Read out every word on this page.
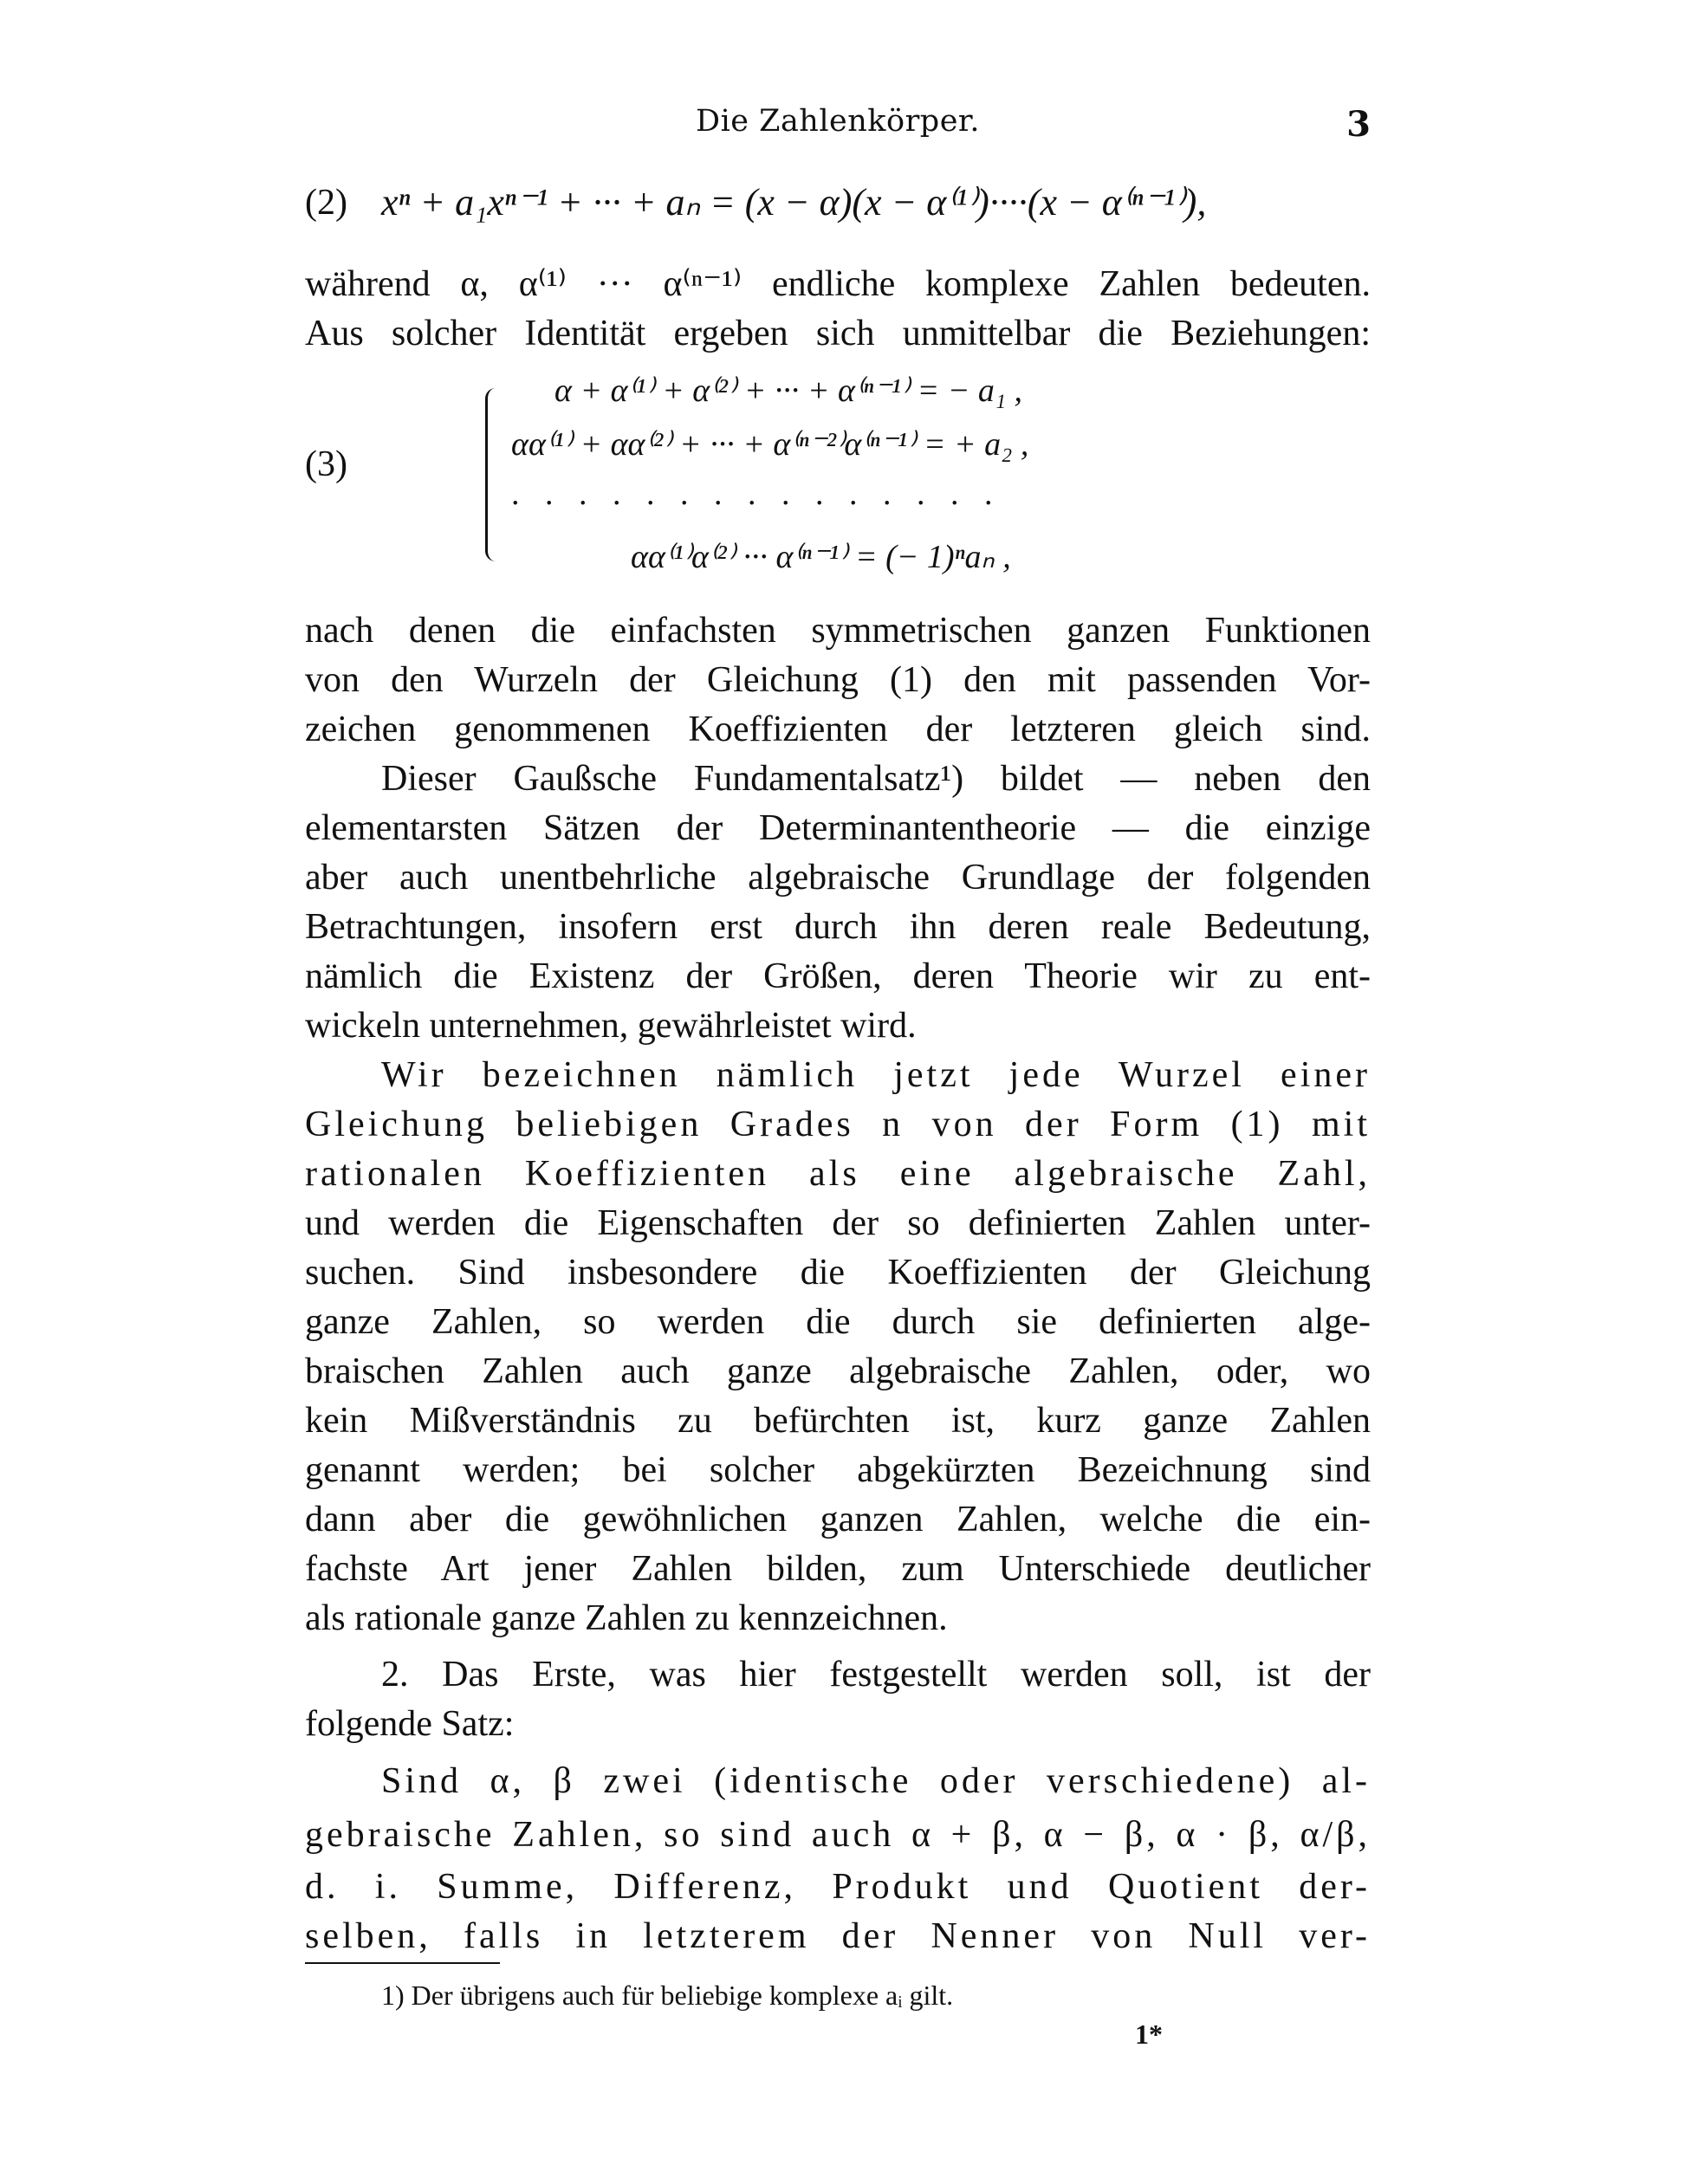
Die Zahlenkörper.	3
(2) xⁿ + a₁xⁿ⁻¹ + ··· + aₙ = (x − α)(x − α⁽¹⁾)····(x − α⁽ⁿ⁻¹⁾),
während α, α⁽¹⁾ ··· α⁽ⁿ⁻¹⁾ endliche komplexe Zahlen bedeuten.
Aus solcher Identität ergeben sich unmittelbar die Beziehungen:
(3)
α + α⁽¹⁾ + α⁽²⁾ + ··· + α⁽ⁿ⁻¹⁾ = − a₁ ,
αα⁽¹⁾ + αα⁽²⁾ + ··· + α⁽ⁿ⁻²⁾α⁽ⁿ⁻¹⁾ = + a₂ ,
. . . . . . . . . . . . . . .
αα⁽¹⁾α⁽²⁾ ··· α⁽ⁿ⁻¹⁾ = (− 1)ⁿaₙ ,
nach denen die einfachsten symmetrischen ganzen Funktionen
von den Wurzeln der Gleichung (1) den mit passenden Vor-
zeichen genommenen Koeffizienten der letzteren gleich sind.
Dieser Gaußsche Fundamentalsatz¹) bildet — neben den
elementarsten Sätzen der Determinantentheorie — die einzige
aber auch unentbehrliche algebraische Grundlage der folgenden
Betrachtungen, insofern erst durch ihn deren reale Bedeutung,
nämlich die Existenz der Größen, deren Theorie wir zu ent-
wickeln unternehmen, gewährleistet wird.
Wir bezeichnen nämlich jetzt jede Wurzel einer
Gleichung beliebigen Grades n von der Form (1) mit
rationalen Koeffizienten als eine algebraische Zahl,
und werden die Eigenschaften der so definierten Zahlen unter-
suchen. Sind insbesondere die Koeffizienten der Gleichung
ganze Zahlen, so werden die durch sie definierten alge-
braischen Zahlen auch ganze algebraische Zahlen, oder, wo
kein Mißverständnis zu befürchten ist, kurz ganze Zahlen
genannt werden; bei solcher abgekürzten Bezeichnung sind
dann aber die gewöhnlichen ganzen Zahlen, welche die ein-
fachste Art jener Zahlen bilden, zum Unterschiede deutlicher
als rationale ganze Zahlen zu kennzeichnen.
2. Das Erste, was hier festgestellt werden soll, ist der
folgende Satz:
Sind α, β zwei (identische oder verschiedene) al-
gebraische Zahlen, so sind auch α + β, α − β, α · β, α/β,
d. i. Summe, Differenz, Produkt und Quotient der-
selben, falls in letzterem der Nenner von Null ver-
1) Der übrigens auch für beliebige komplexe aᵢ gilt.
1*
